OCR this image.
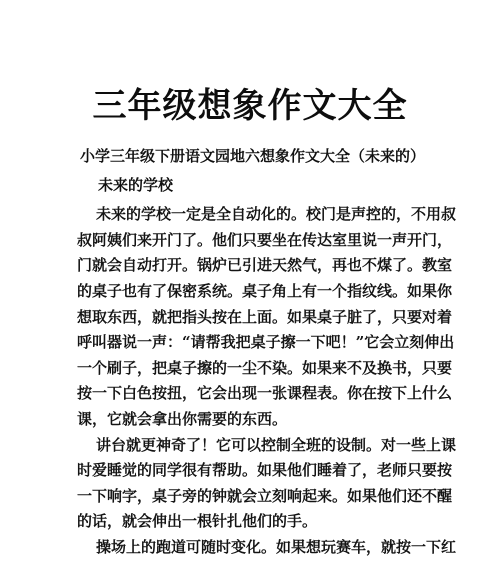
三年级想象作文大全
小学三年级下册语文园地六想象作文大全（未来的）
未来的学校
未来的学校一定是全自动化的。校门是声控的，不用叔
叔阿姨们来开门了。他们只要坐在传达室里说一声开门，
门就会自动打开。锅炉已引进天然气，再也不煤了。教室
的桌子也有了保密系统。桌子角上有一个指纹线。如果你
想取东西，就把指头按在上面。如果桌子脏了，只要对着
呼叫器说一声：“请帮我把桌子擦一下吧！”它会立刻伸出
一个刷子，把桌子擦的一尘不染。如果来不及换书，只要
按一下白色按扭，它会出现一张课程表。你在按下上什么
课，它就会拿出你需要的东西。
讲台就更神奇了！它可以控制全班的设制。对一些上课
时爱睡觉的同学很有帮助。如果他们睡着了，老师只要按
一下响字，桌子旁的钟就会立刻响起来。如果他们还不醒
的话，就会伸出一根针扎他们的手。
操场上的跑道可随时变化。如果想玩赛车，就按一下红
